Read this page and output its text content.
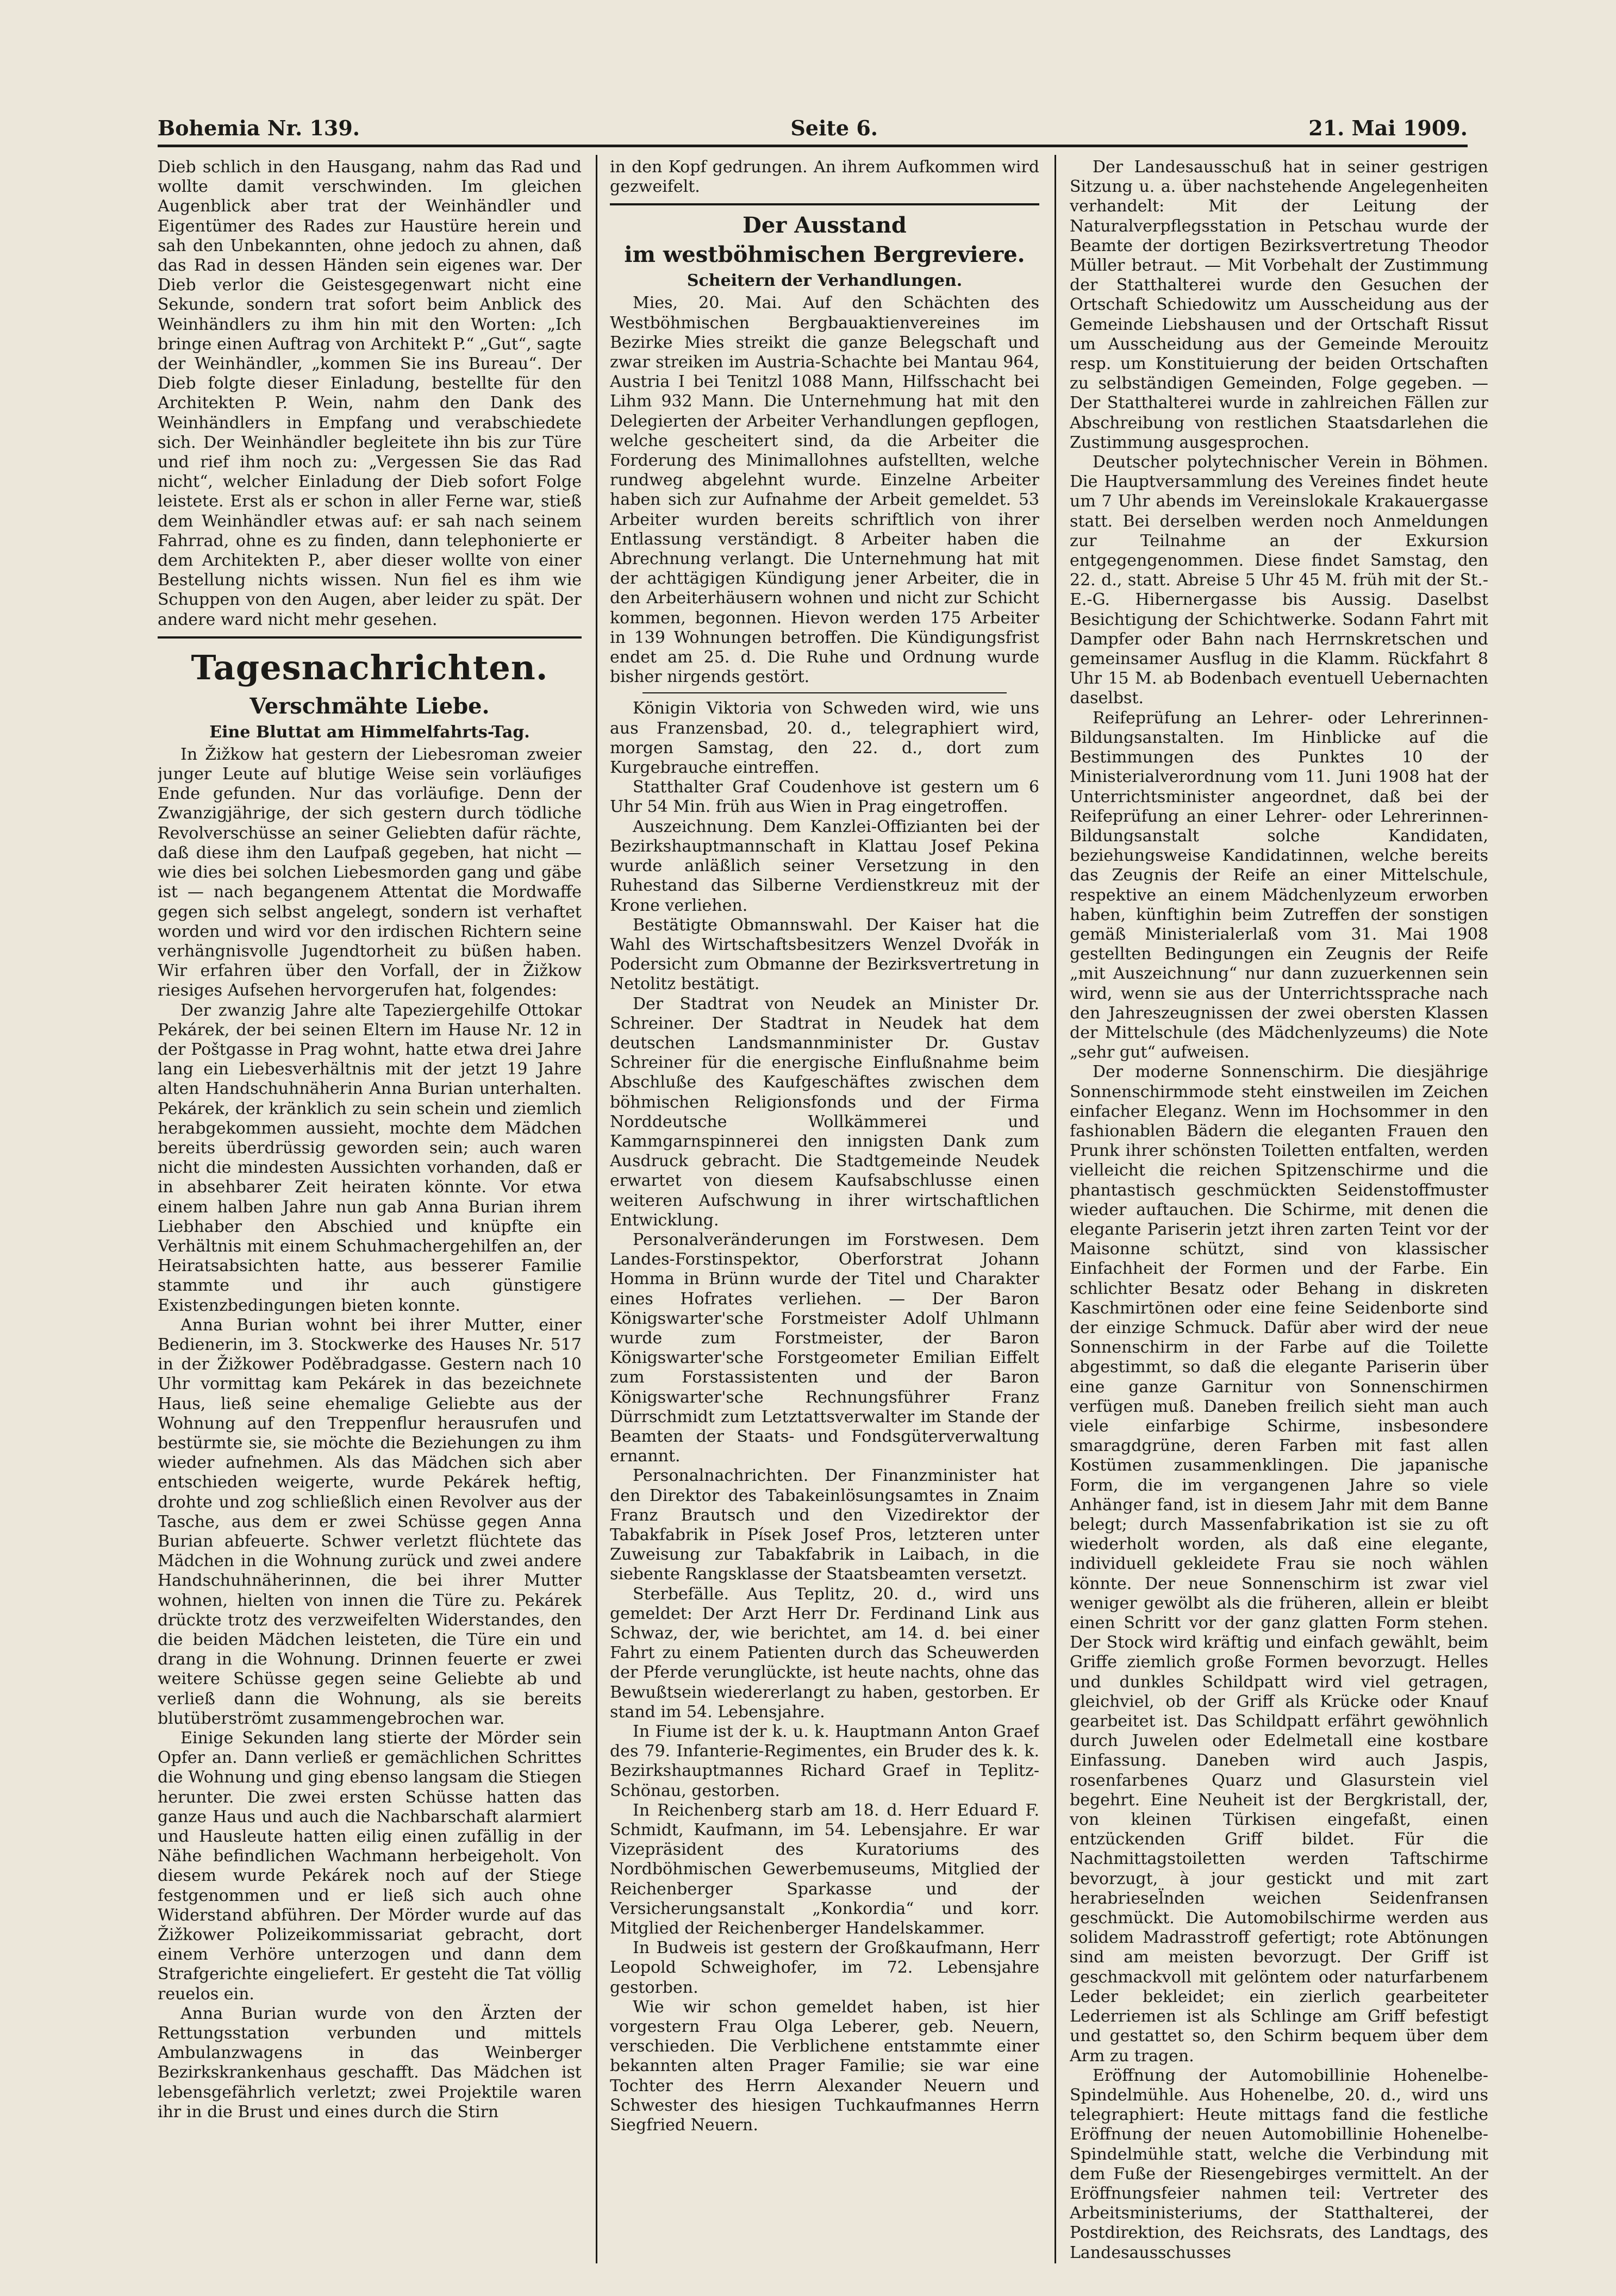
Bohemia Nr. 139.	Seite 6.	21. Mai 1909.

Dieb schlich in den Hausgang, nahm das Rad und wollte damit verschwinden. Im gleichen Augenblick aber trat der Weinhändler und Eigentümer des Rades zur Haustüre herein und sah den Unbekannten, ohne jedoch zu ahnen, daß das Rad in dessen Händen sein eigenes war. Der Dieb verlor die Geistesgegenwart nicht eine Sekunde, sondern trat sofort beim Anblick des Weinhändlers zu ihm hin mit den Worten: „Ich bringe einen Auftrag von Architekt P.“ „Gut“, sagte der Weinhändler, „kommen Sie ins Bureau“. Der Dieb folgte dieser Einladung, bestellte für den Architekten P. Wein, nahm den Dank des Weinhändlers in Empfang und verabschiedete sich. Der Weinhändler begleitete ihn bis zur Türe und rief ihm noch zu: „Vergessen Sie das Rad nicht“, welcher Einladung der Dieb sofort Folge leistete. Erst als er schon in aller Ferne war, stieß dem Weinhändler etwas auf: er sah nach seinem Fahrrad, ohne es zu finden, dann telephonierte er dem Architekten P., aber dieser wollte von einer Bestellung nichts wissen. Nun fiel es ihm wie Schuppen von den Augen, aber leider zu spät. Der andere ward nicht mehr gesehen.

Tagesnachrichten.
Verschmähte Liebe.
Eine Bluttat am Himmelfahrts-Tag.

In Žižkow hat gestern der Liebesroman zweier junger Leute auf blutige Weise sein vorläufiges Ende gefunden. Nur das vorläufige. Denn der Zwanzigjährige, der sich gestern durch tödliche Revolverschüsse an seiner Geliebten dafür rächte, daß diese ihm den Laufpaß gegeben, hat nicht — wie dies bei solchen Liebesmorden gang und gäbe ist — nach begangenem Attentat die Mordwaffe gegen sich selbst angelegt, sondern ist verhaftet worden und wird vor den irdischen Richtern seine verhängnisvolle Jugendtorheit zu büßen haben. Wir erfahren über den Vorfall, der in Žižkow riesiges Aufsehen hervorgerufen hat, folgendes:

Der zwanzig Jahre alte Tapeziergehilfe Ottokar Pekárek, der bei seinen Eltern im Hause Nr. 12 in der Poštgasse in Prag wohnt, hatte etwa drei Jahre lang ein Liebesverhältnis mit der jetzt 19 Jahre alten Handschuhnäherin Anna Burian unterhalten. Pekárek, der kränklich zu sein schein und ziemlich herabgekommen aussieht, mochte dem Mädchen bereits überdrüssig geworden sein; auch waren nicht die mindesten Aussichten vorhanden, daß er in absehbarer Zeit heiraten könnte. Vor etwa einem halben Jahre nun gab Anna Burian ihrem Liebhaber den Abschied und knüpfte ein Verhältnis mit einem Schuhmachergehilfen an, der Heiratsabsichten hatte, aus besserer Familie stammte und ihr auch günstigere Existenzbedingungen bieten konnte.

Anna Burian wohnt bei ihrer Mutter, einer Bedienerin, im 3. Stockwerke des Hauses Nr. 517 in der Žižkower Poděbradgasse. Gestern nach 10 Uhr vormittag kam Pekárek in das bezeichnete Haus, ließ seine ehemalige Geliebte aus der Wohnung auf den Treppenflur herausrufen und bestürmte sie, sie möchte die Beziehungen zu ihm wieder aufnehmen. Als das Mädchen sich aber entschieden weigerte, wurde Pekárek heftig, drohte und zog schließlich einen Revolver aus der Tasche, aus dem er zwei Schüsse gegen Anna Burian abfeuerte. Schwer verletzt flüchtete das Mädchen in die Wohnung zurück und zwei andere Handschuhnäherinnen, die bei ihrer Mutter wohnen, hielten von innen die Türe zu. Pekárek drückte trotz des verzweifelten Widerstandes, den die beiden Mädchen leisteten, die Türe ein und drang in die Wohnung. Drinnen feuerte er zwei weitere Schüsse gegen seine Geliebte ab und verließ dann die Wohnung, als sie bereits blutüberströmt zusammengebrochen war.

Einige Sekunden lang stierte der Mörder sein Opfer an. Dann verließ er gemächlichen Schrittes die Wohnung und ging ebenso langsam die Stiegen herunter. Die zwei ersten Schüsse hatten das ganze Haus und auch die Nachbarschaft alarmiert und Hausleute hatten eilig einen zufällig in der Nähe befindlichen Wachmann herbeigeholt. Von diesem wurde Pekárek noch auf der Stiege festgenommen und er ließ sich auch ohne Widerstand abführen. Der Mörder wurde auf das Žižkower Polizeikommissariat gebracht, dort einem Verhöre unterzogen und dann dem Strafgerichte eingeliefert. Er gesteht die Tat völlig reuelos ein.

Anna Burian wurde von den Ärzten der Rettungsstation verbunden und mittels Ambulanzwagens in das Weinberger Bezirkskrankenhaus geschafft. Das Mädchen ist lebensgefährlich verletzt; zwei Projektile waren ihr in die Brust und eines durch die Stirn

in den Kopf gedrungen. An ihrem Aufkommen wird gezweifelt.

Der Ausstand
im westböhmischen Bergreviere.
Scheitern der Verhandlungen.

Mies, 20. Mai. Auf den Schächten des Westböhmischen Bergbauaktienvereines im Bezirke Mies streikt die ganze Belegschaft und zwar streiken im Austria-Schachte bei Mantau 964, Austria I bei Tenitzl 1088 Mann, Hilfsschacht bei Lihm 932 Mann. Die Unternehmung hat mit den Delegierten der Arbeiter Verhandlungen gepflogen, welche gescheitert sind, da die Arbeiter die Forderung des Minimallohnes aufstellten, welche rundweg abgelehnt wurde. Einzelne Arbeiter haben sich zur Aufnahme der Arbeit gemeldet. 53 Arbeiter wurden bereits schriftlich von ihrer Entlassung verständigt. 8 Arbeiter haben die Abrechnung verlangt. Die Unternehmung hat mit der achttägigen Kündigung jener Arbeiter, die in den Arbeiterhäusern wohnen und nicht zur Schicht kommen, begonnen. Hievon werden 175 Arbeiter in 139 Wohnungen betroffen. Die Kündigungsfrist endet am 25. d. Die Ruhe und Ordnung wurde bisher nirgends gestört.

Königin Viktoria von Schweden wird, wie uns aus Franzensbad, 20. d., telegraphiert wird, morgen Samstag, den 22. d., dort zum Kurgebrauche eintreffen.

Statthalter Graf Coudenhove ist gestern um 6 Uhr 54 Min. früh aus Wien in Prag eingetroffen.

Auszeichnung. Dem Kanzlei-Offizianten bei der Bezirkshauptmannschaft in Klattau Josef Pekina wurde anläßlich seiner Versetzung in den Ruhestand das Silberne Verdienstkreuz mit der Krone verliehen.

Bestätigte Obmannswahl. Der Kaiser hat die Wahl des Wirtschaftsbesitzers Wenzel Dvořák in Podersicht zum Obmanne der Bezirksvertretung in Netolitz bestätigt.

Der Stadtrat von Neudek an Minister Dr. Schreiner. Der Stadtrat in Neudek hat dem deutschen Landsmannminister Dr. Gustav Schreiner für die energische Einflußnahme beim Abschluße des Kaufgeschäftes zwischen dem böhmischen Religionsfonds und der Firma Norddeutsche Wollkämmerei und Kammgarnspinnerei den innigsten Dank zum Ausdruck gebracht. Die Stadtgemeinde Neudek erwartet von diesem Kaufsabschlusse einen weiteren Aufschwung in ihrer wirtschaftlichen Entwicklung.

Personalveränderungen im Forstwesen. Dem Landes-Forstinspektor, Oberforstrat Johann Homma in Brünn wurde der Titel und Charakter eines Hofrates verliehen. — Der Baron Königswarter'sche Forstmeister Adolf Uhlmann wurde zum Forstmeister, der Baron Königswarter'sche Forstgeometer Emilian Eiffelt zum Forstassistenten und der Baron Königswarter'sche Rechnungsführer Franz Dürrschmidt zum Letztattsverwalter im Stande der Beamten der Staats- und Fondsgüterverwaltung ernannt.

Personalnachrichten. Der Finanzminister hat den Direktor des Tabakeinlösungsamtes in Znaim Franz Brautsch und den Vizedirektor der Tabakfabrik in Písek Josef Pros, letzteren unter Zuweisung zur Tabakfabrik in Laibach, in die siebente Rangsklasse der Staatsbeamten versetzt.

Sterbefälle. Aus Teplitz, 20. d., wird uns gemeldet: Der Arzt Herr Dr. Ferdinand Link aus Schwaz, der, wie berichtet, am 14. d. bei einer Fahrt zu einem Patienten durch das Scheuwerden der Pferde verunglückte, ist heute nachts, ohne das Bewußtsein wiedererlangt zu haben, gestorben. Er stand im 54. Lebensjahre.

In Fiume ist der k. u. k. Hauptmann Anton Graef des 79. Infanterie-Regimentes, ein Bruder des k. k. Bezirkshauptmannes Richard Graef in Teplitz-Schönau, gestorben.

In Reichenberg starb am 18. d. Herr Eduard F. Schmidt, Kaufmann, im 54. Lebensjahre. Er war Vizepräsident des Kuratoriums des Nordböhmischen Gewerbemuseums, Mitglied der Reichenberger Sparkasse und der Versicherungsanstalt „Konkordia“ und korr. Mitglied der Reichenberger Handelskammer.

In Budweis ist gestern der Großkaufmann, Herr Leopold Schweighofer, im 72. Lebensjahre gestorben.

Wie wir schon gemeldet haben, ist hier vorgestern Frau Olga Leberer, geb. Neuern, verschieden. Die Verblichene entstammte einer bekannten alten Prager Familie; sie war eine Tochter des Herrn Alexander Neuern und Schwester des hiesigen Tuchkaufmannes Herrn Siegfried Neuern.

Der Landesausschuß hat in seiner gestrigen Sitzung u. a. über nachstehende Angelegenheiten verhandelt: Mit der Leitung der Naturalverpflegsstation in Petschau wurde der Beamte der dortigen Bezirksvertretung Theodor Müller betraut. — Mit Vorbehalt der Zustimmung der Statthalterei wurde den Gesuchen der Ortschaft Schiedowitz um Ausscheidung aus der Gemeinde Liebshausen und der Ortschaft Rissut um Ausscheidung aus der Gemeinde Merouitz resp. um Konstituierung der beiden Ortschaften zu selbständigen Gemeinden, Folge gegeben. — Der Statthalterei wurde in zahlreichen Fällen zur Abschreibung von restlichen Staatsdarlehen die Zustimmung ausgesprochen.

Deutscher polytechnischer Verein in Böhmen. Die Hauptversammlung des Vereines findet heute um 7 Uhr abends im Vereinslokale Krakauergasse statt. Bei derselben werden noch Anmeldungen zur Teilnahme an der Exkursion entgegengenommen. Diese findet Samstag, den 22. d., statt. Abreise 5 Uhr 45 M. früh mit der St.-E.-G. Hibernergasse bis Aussig. Daselbst Besichtigung der Schichtwerke. Sodann Fahrt mit Dampfer oder Bahn nach Herrnskretschen und gemeinsamer Ausflug in die Klamm. Rückfahrt 8 Uhr 15 M. ab Bodenbach eventuell Uebernachten daselbst.

Reifeprüfung an Lehrer- oder Lehrerinnen-Bildungsanstalten. Im Hinblicke auf die Bestimmungen des Punktes 10 der Ministerialverordnung vom 11. Juni 1908 hat der Unterrichtsminister angeordnet, daß bei der Reifeprüfung an einer Lehrer- oder Lehrerinnen-Bildungsanstalt solche Kandidaten, beziehungsweise Kandidatinnen, welche bereits das Zeugnis der Reife an einer Mittelschule, respektive an einem Mädchenlyzeum erworben haben, künftighin beim Zutreffen der sonstigen gemäß Ministerialerlaß vom 31. Mai 1908 gestellten Bedingungen ein Zeugnis der Reife „mit Auszeichnung“ nur dann zuzuerkennen sein wird, wenn sie aus der Unterrichtssprache nach den Jahreszeugnissen der zwei obersten Klassen der Mittelschule (des Mädchenlyzeums) die Note „sehr gut“ aufweisen.

Der moderne Sonnenschirm. Die diesjährige Sonnenschirmmode steht einstweilen im Zeichen einfacher Eleganz. Wenn im Hochsommer in den fashionablen Bädern die eleganten Frauen den Prunk ihrer schönsten Toiletten entfalten, werden vielleicht die reichen Spitzenschirme und die phantastisch geschmückten Seidenstoffmuster wieder auftauchen. Die Schirme, mit denen die elegante Pariserin jetzt ihren zarten Teint vor der Maisonne schützt, sind von klassischer Einfachheit der Formen und der Farbe. Ein schlichter Besatz oder Behang in diskreten Kaschmirtönen oder eine feine Seidenborte sind der einzige Schmuck. Dafür aber wird der neue Sonnenschirm in der Farbe auf die Toilette abgestimmt, so daß die elegante Pariserin über eine ganze Garnitur von Sonnenschirmen verfügen muß. Daneben freilich sieht man auch viele einfarbige Schirme, insbesondere smaragdgrüne, deren Farben mit fast allen Kostümen zusammenklingen. Die japanische Form, die im vergangenen Jahre so viele Anhänger fand, ist in diesem Jahr mit dem Banne belegt; durch Massenfabrikation ist sie zu oft wiederholt worden, als daß eine elegante, individuell gekleidete Frau sie noch wählen könnte. Der neue Sonnenschirm ist zwar viel weniger gewölbt als die früheren, allein er bleibt einen Schritt vor der ganz glatten Form stehen. Der Stock wird kräftig und einfach gewählt, beim Griffe ziemlich große Formen bevorzugt. Helles und dunkles Schildpatt wird viel getragen, gleichviel, ob der Griff als Krücke oder Knauf gearbeitet ist. Das Schildpatt erfährt gewöhnlich durch Juwelen oder Edelmetall eine kostbare Einfassung. Daneben wird auch Jaspis, rosenfarbenes Quarz und Glasurstein viel begehrt. Eine Neuheit ist der Bergkristall, der, von kleinen Türkisen eingefaßt, einen entzückenden Griff bildet. Für die Nachmittagstoiletten werden Taftschirme bevorzugt, à jour gestickt und mit zart herabriesel̈nden weichen Seidenfransen geschmückt. Die Automobilschirme werden aus solidem Madrasstroff gefertigt; rote Abtönungen sind am meisten bevorzugt. Der Griff ist geschmackvoll mit gelöntem oder naturfarbenem Leder bekleidet; ein zierlich gearbeiteter Lederriemen ist als Schlinge am Griff befestigt und gestattet so, den Schirm bequem über dem Arm zu tragen.

Eröffnung der Automobillinie Hohenelbe-Spindelmühle. Aus Hohenelbe, 20. d., wird uns telegraphiert: Heute mittags fand die festliche Eröffnung der neuen Automobillinie Hohenelbe-Spindelmühle statt, welche die Verbindung mit dem Fuße der Riesengebirges vermittelt. An der Eröffnungsfeier nahmen teil: Vertreter des Arbeitsministeriums, der Statthalterei, der Postdirektion, des Reichsrats, des Landtags, des Landesausschusses
